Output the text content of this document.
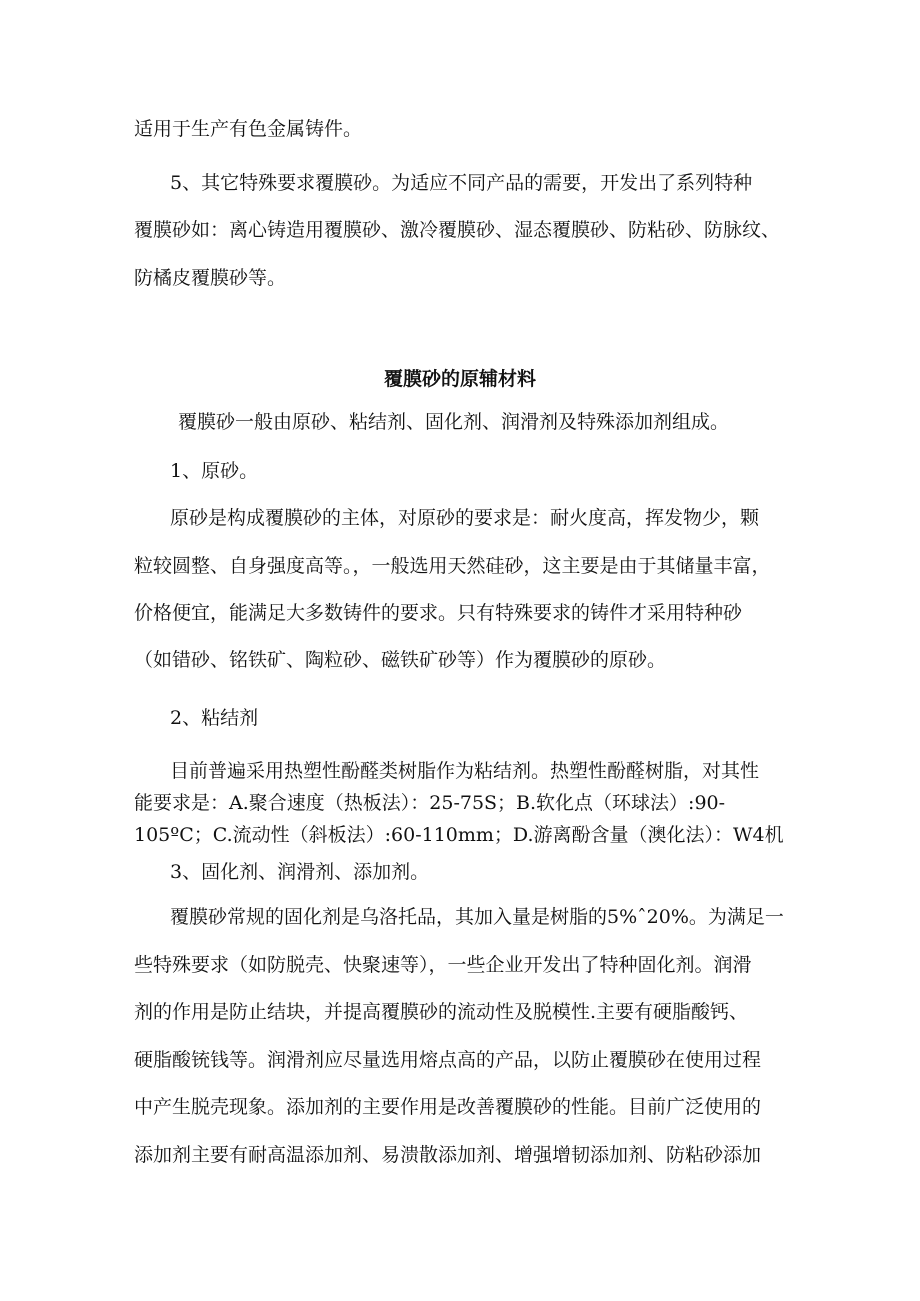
适用于生产有色金属铸件。

5、其它特殊要求覆膜砂。为适应不同产品的需要，开发出了系列特种

覆膜砂如：离心铸造用覆膜砂、激冷覆膜砂、湿态覆膜砂、防粘砂、防脉纹、

防橘皮覆膜砂等。

覆膜砂的原辅材料

覆膜砂一般由原砂、粘结剂、固化剂、润滑剂及特殊添加剂组成。

1、原砂。

原砂是构成覆膜砂的主体，对原砂的要求是：耐火度高，挥发物少，颗

粒较圆整、自身强度高等。，一般选用天然硅砂，这主要是由于其储量丰富，

价格便宜，能满足大多数铸件的要求。只有特殊要求的铸件才采用特种砂

（如错砂、铭铁矿、陶粒砂、磁铁矿砂等）作为覆膜砂的原砂。

2、粘结剂

目前普遍采用热塑性酚醛类树脂作为粘结剂。热塑性酚醛树脂，对其性

能要求是：A.聚合速度（热板法）：25-75S；B.软化点（环球法）:90-

105ºC；C.流动性（斜板法）:60-110mm；D.游离酚含量（澳化法）：W4机

3、固化剂、润滑剂、添加剂。

覆膜砂常规的固化剂是乌洛托品，其加入量是树脂的5%ˆ20%。为满足一

些特殊要求（如防脱壳、快聚速等），一些企业开发出了特种固化剂。润滑

剂的作用是防止结块，并提高覆膜砂的流动性及脱模性.主要有硬脂酸钙、

硬脂酸铳钱等。润滑剂应尽量选用熔点高的产品，以防止覆膜砂在使用过程

中产生脱壳现象。添加剂的主要作用是改善覆膜砂的性能。目前广泛使用的

添加剂主要有耐高温添加剂、易溃散添加剂、增强增韧添加剂、防粘砂添加
